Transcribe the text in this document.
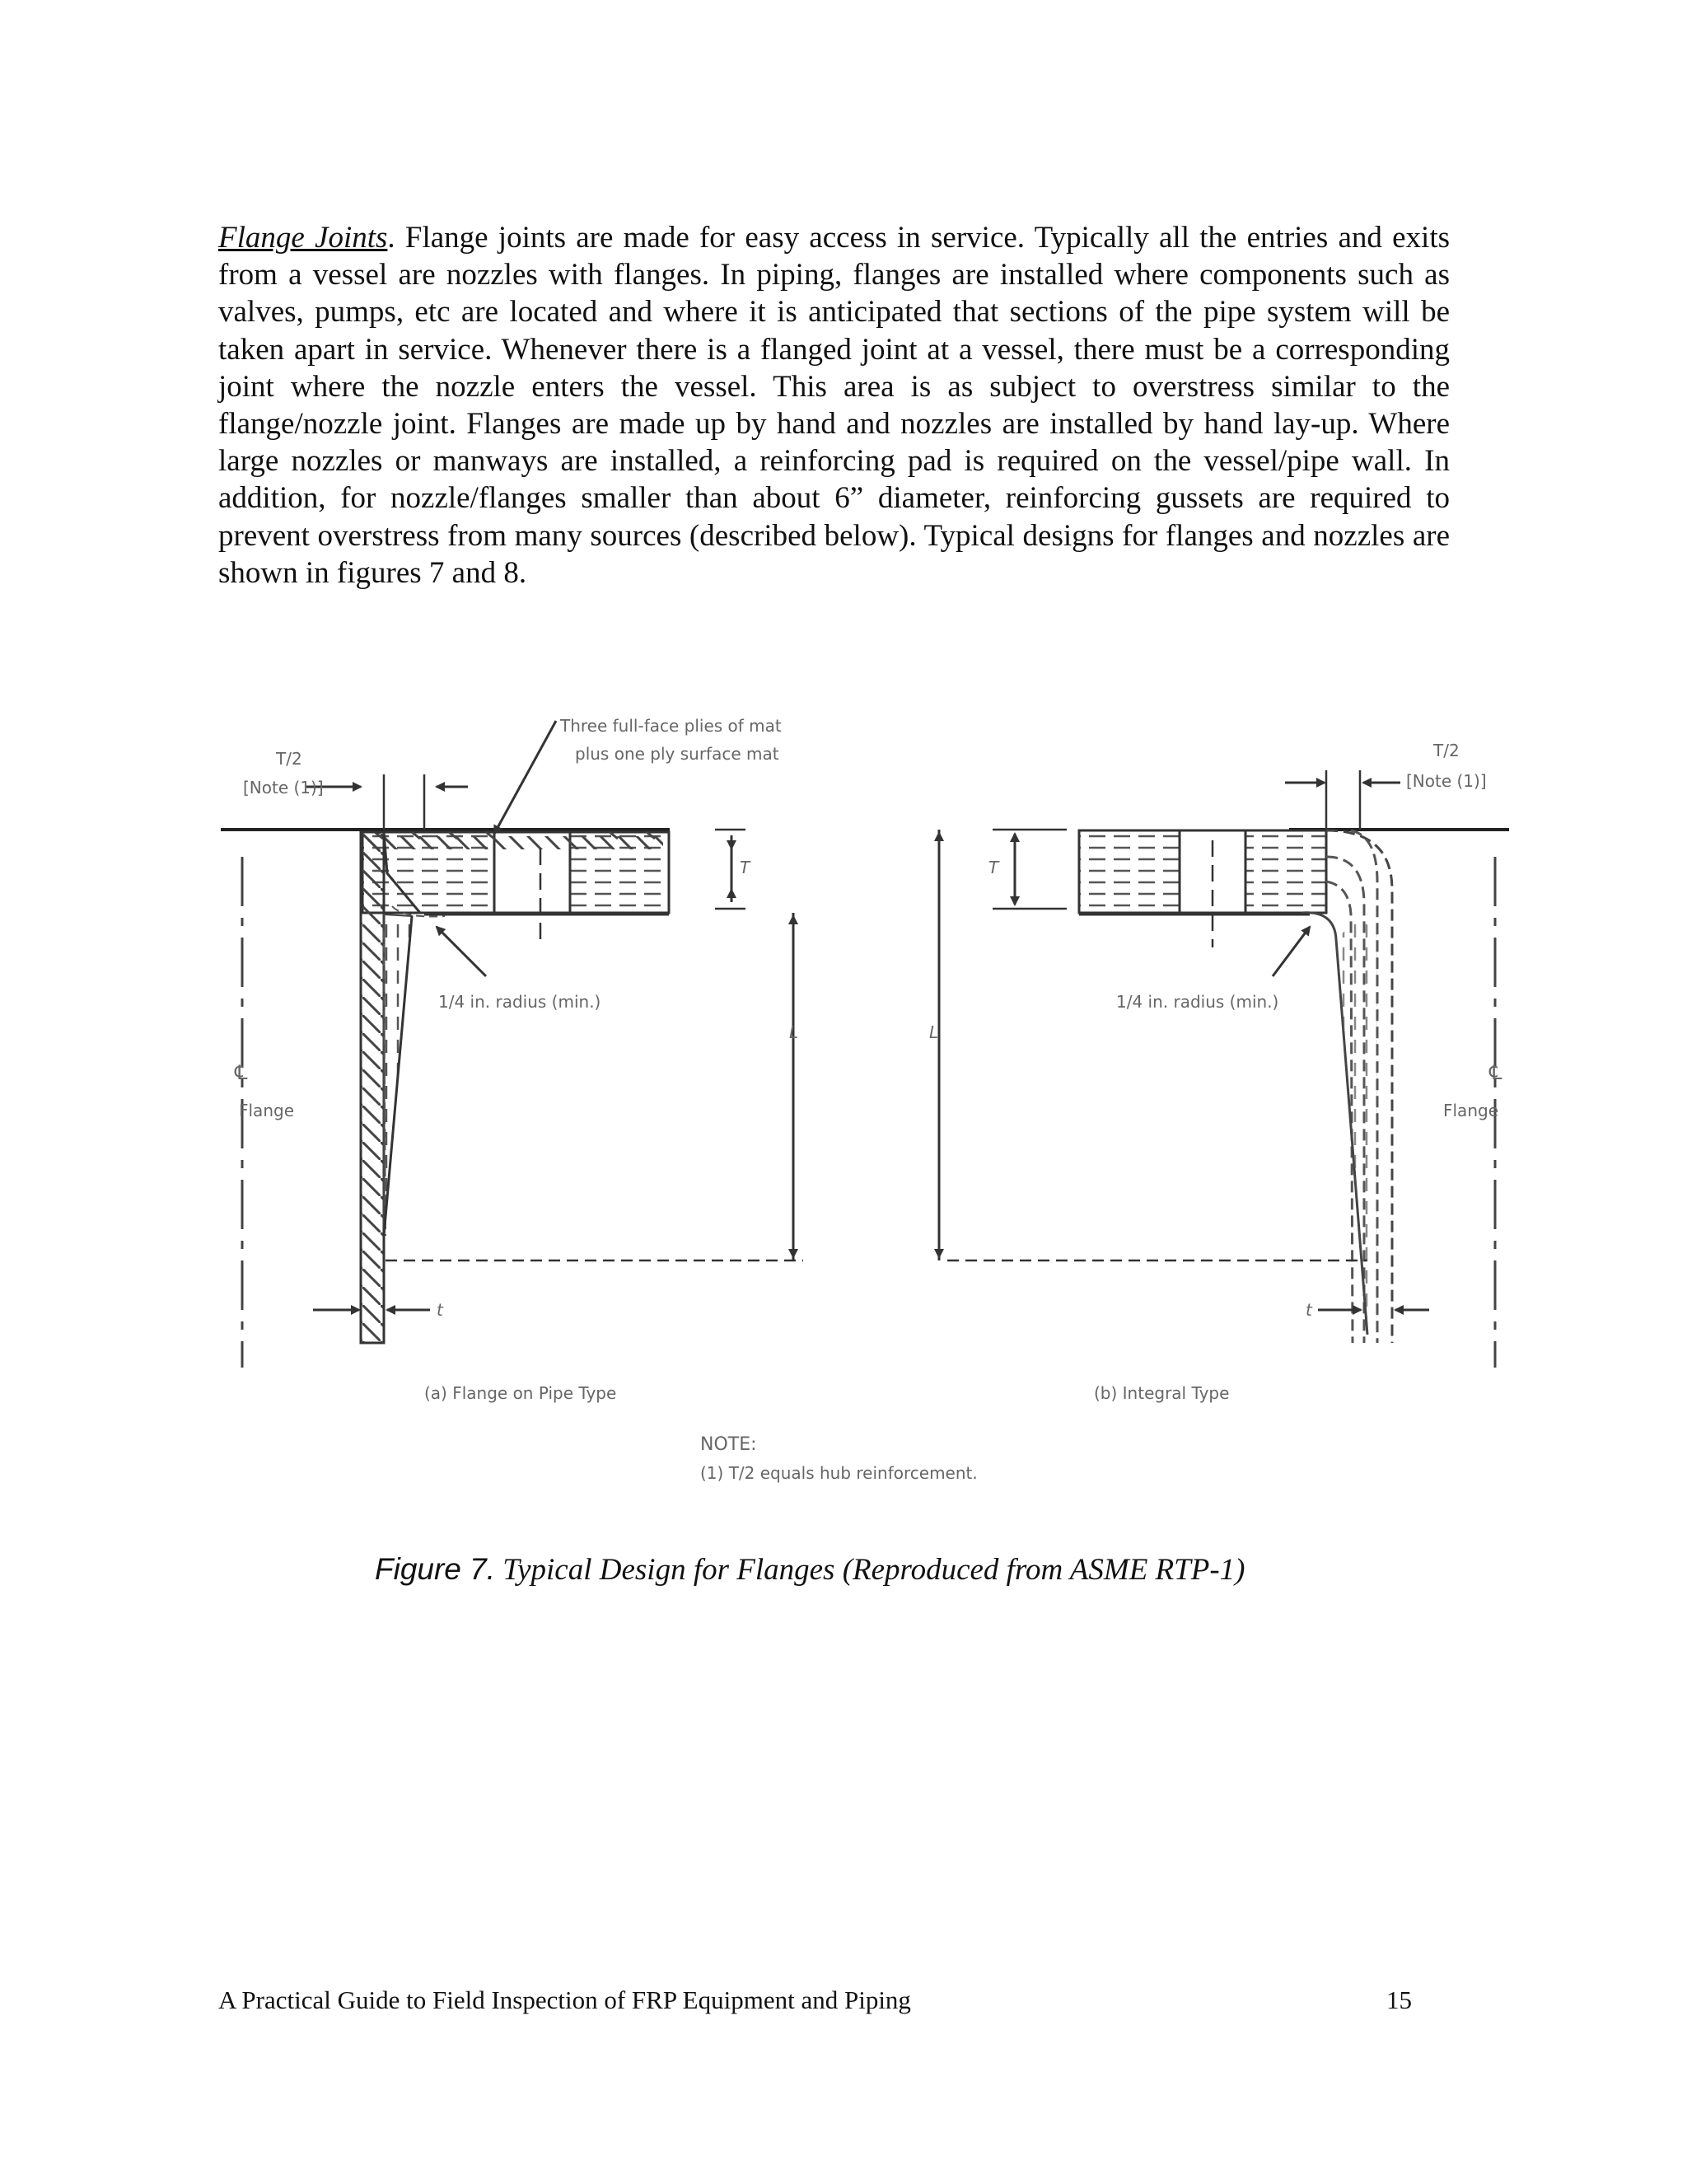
Flange Joints. Flange joints are made for easy access in service. Typically all the entries and exits from a vessel are nozzles with flanges. In piping, flanges are installed where components such as valves, pumps, etc are located and where it is anticipated that sections of the pipe system will be taken apart in service. Whenever there is a flanged joint at a vessel, there must be a corresponding joint where the nozzle enters the vessel. This area is as subject to overstress similar to the flange/nozzle joint. Flanges are made up by hand and nozzles are installed by hand lay-up. Where large nozzles or manways are installed, a reinforcing pad is required on the vessel/pipe wall. In addition, for nozzle/flanges smaller than about 6” diameter, reinforcing gussets are required to prevent overstress from many sources (described below). Typical designs for flanges and nozzles are shown in figures 7 and 8.
T/2
[Note (1)]
Three full-face plies of mat
plus one ply surface mat
T
1/4 in. radius (min.)
L
℄
Flange
t
(a) Flange on Pipe Type
T/2
[Note (1)]
T
1/4 in. radius (min.)
L
℄
Flange
t
(b) Integral Type
NOTE:
(1) T/2 equals hub reinforcement.
Figure 7. Typical Design for Flanges (Reproduced from ASME RTP-1)
A Practical Guide to Field Inspection of FRP Equipment and Piping	15
